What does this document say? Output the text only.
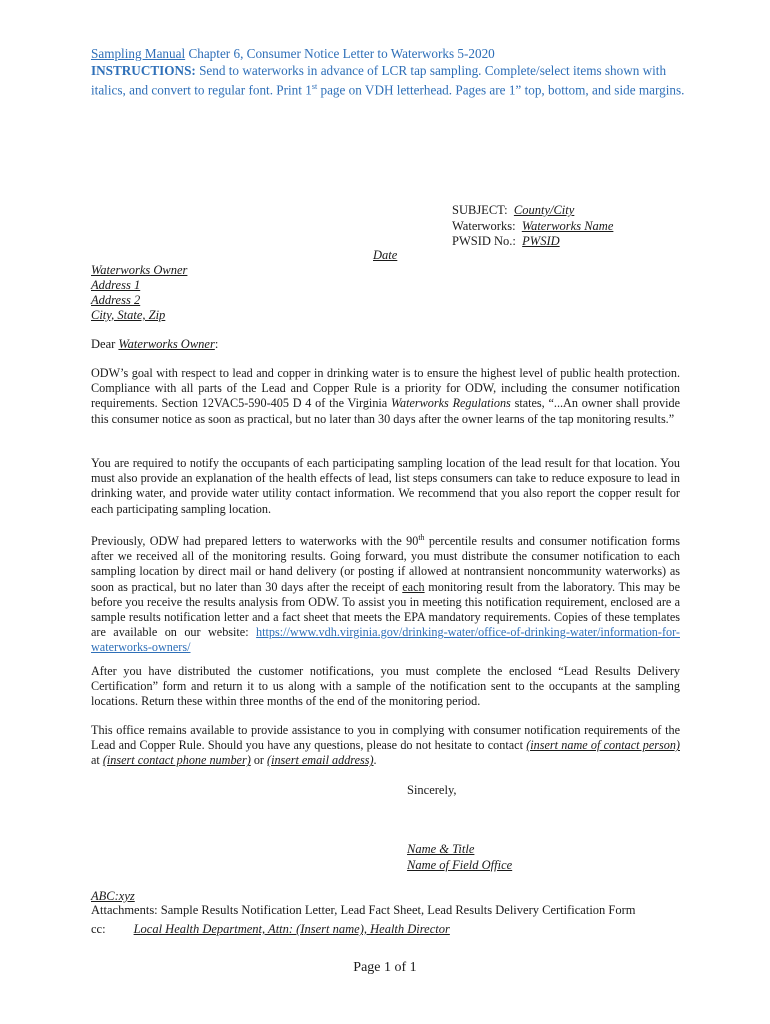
Sampling Manual Chapter 6, Consumer Notice Letter to Waterworks 5-2020
INSTRUCTIONS: Send to waterworks in advance of LCR tap sampling. Complete/select items shown with italics, and convert to regular font. Print 1st page on VDH letterhead. Pages are 1” top, bottom, and side margins.
SUBJECT: County/City
Waterworks: Waterworks Name
PWSID No.: PWSID
Date
Waterworks Owner
Address 1
Address 2
City, State, Zip
Dear Waterworks Owner:
ODW’s goal with respect to lead and copper in drinking water is to ensure the highest level of public health protection. Compliance with all parts of the Lead and Copper Rule is a priority for ODW, including the consumer notification requirements. Section 12VAC5-590-405 D 4 of the Virginia Waterworks Regulations states, “...An owner shall provide this consumer notice as soon as practical, but no later than 30 days after the owner learns of the tap monitoring results.”
You are required to notify the occupants of each participating sampling location of the lead result for that location. You must also provide an explanation of the health effects of lead, list steps consumers can take to reduce exposure to lead in drinking water, and provide water utility contact information. We recommend that you also report the copper result for each participating sampling location.
Previously, ODW had prepared letters to waterworks with the 90th percentile results and consumer notification forms after we received all of the monitoring results. Going forward, you must distribute the consumer notification to each sampling location by direct mail or hand delivery (or posting if allowed at nontransient noncommunity waterworks) as soon as practical, but no later than 30 days after the receipt of each monitoring result from the laboratory. This may be before you receive the results analysis from ODW. To assist you in meeting this notification requirement, enclosed are a sample results notification letter and a fact sheet that meets the EPA mandatory requirements. Copies of these templates are available on our website: https://www.vdh.virginia.gov/drinking-water/office-of-drinking-water/information-for-waterworks-owners/
After you have distributed the customer notifications, you must complete the enclosed “Lead Results Delivery Certification” form and return it to us along with a sample of the notification sent to the occupants at the sampling locations. Return these within three months of the end of the monitoring period.
This office remains available to provide assistance to you in complying with consumer notification requirements of the Lead and Copper Rule. Should you have any questions, please do not hesitate to contact (insert name of contact person) at (insert contact phone number) or (insert email address).
Sincerely,
Name & Title
Name of Field Office
ABC:xyz
Attachments: Sample Results Notification Letter, Lead Fact Sheet, Lead Results Delivery Certification Form
cc: Local Health Department, Attn: (Insert name), Health Director
Page 1 of 1
